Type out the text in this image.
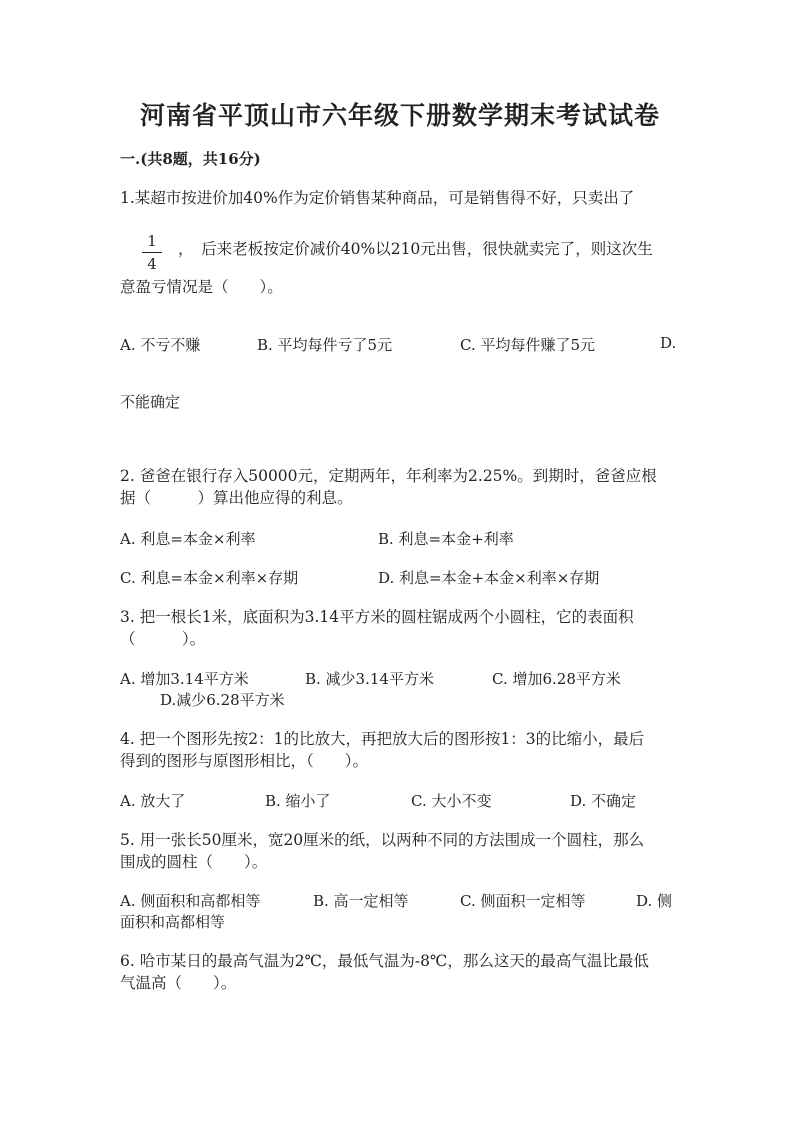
河南省平顶山市六年级下册数学期末考试试卷
一.(共8题，共16分)
1.某超市按进价加40%作为定价销售某种商品，可是销售得不好，只卖出了
1
4
，　后来老板按定价减价40%以210元出售，很快就卖完了，则这次生
意盈亏情况是（　　）。
A. 不亏不赚	B. 平均每件亏了5元	C. 平均每件赚了5元	D.
不能确定
2. 爸爸在银行存入50000元，定期两年，年利率为2.25%。到期时，爸爸应根
据（　　　）算出他应得的利息。
A. 利息=本金×利率	B. 利息=本金+利率
C. 利息=本金×利率×存期	D. 利息=本金+本金×利率×存期
3. 把一根长1米，底面积为3.14平方米的圆柱锯成两个小圆柱，它的表面积
（　　　）。
A. 增加3.14平方米	B. 减少3.14平方米	C. 增加6.28平方米
D.减少6.28平方米
4. 把一个图形先按2：1的比放大，再把放大后的图形按1：3的比缩小，最后
得到的图形与原图形相比，（　　）。
A. 放大了	B. 缩小了	C. 大小不变	D. 不确定
5. 用一张长50厘米，宽20厘米的纸，以两种不同的方法围成一个圆柱，那么
围成的圆柱（　　）。
A. 侧面积和高都相等	B. 高一定相等	C. 侧面积一定相等	D. 侧
面积和高都相等
6. 哈市某日的最高气温为2℃，最低气温为-8℃，那么这天的最高气温比最低
气温高（　　）。
